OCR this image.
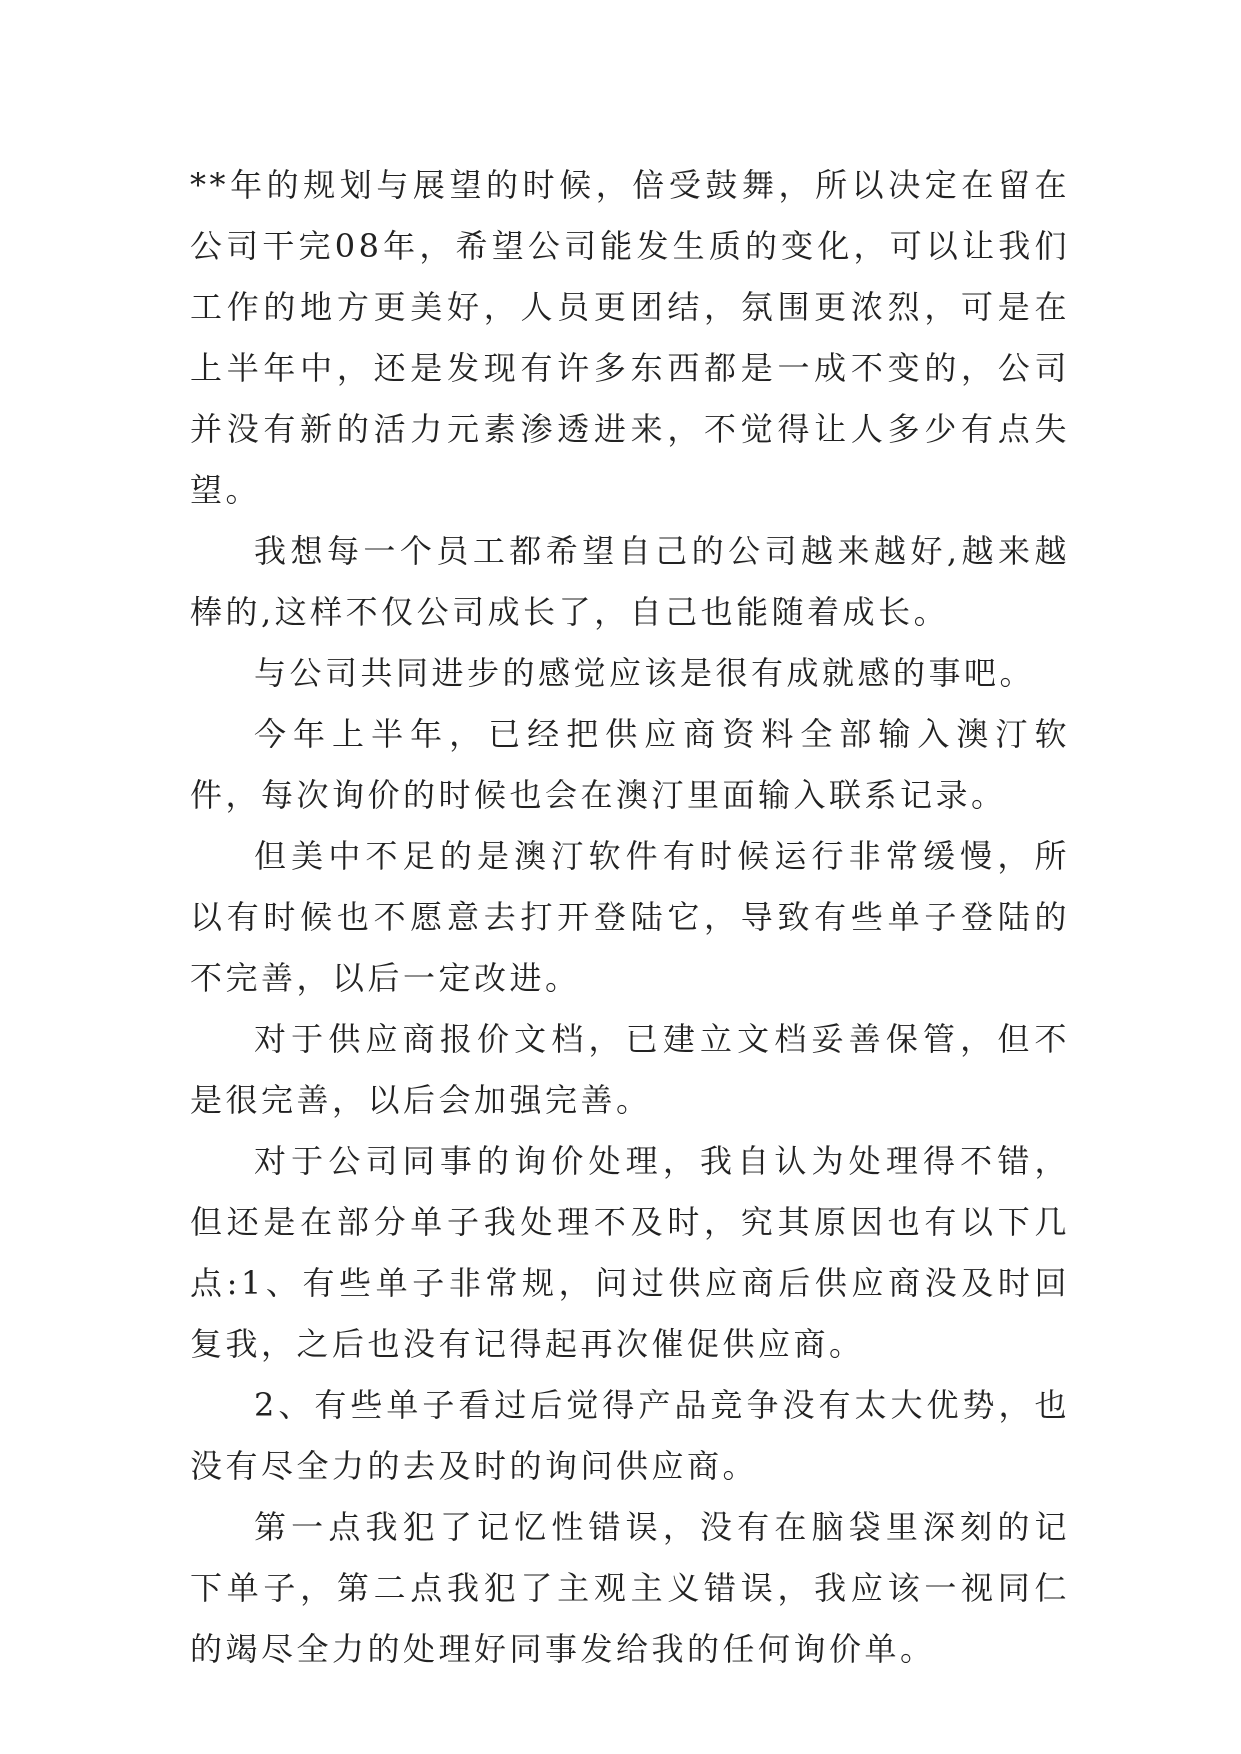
**年的规划与展望的时候，倍受鼓舞，所以决定在留在公司干完08年，希望公司能发生质的变化，可以让我们工作的地方更美好，人员更团结，氛围更浓烈，可是在上半年中，还是发现有许多东西都是一成不变的，公司并没有新的活力元素渗透进来，不觉得让人多少有点失望。

我想每一个员工都希望自己的公司越来越好,越来越棒的,这样不仅公司成长了，自己也能随着成长。

与公司共同进步的感觉应该是很有成就感的事吧。

今年上半年，已经把供应商资料全部输入澳汀软件，每次询价的时候也会在澳汀里面输入联系记录。

但美中不足的是澳汀软件有时候运行非常缓慢，所以有时候也不愿意去打开登陆它，导致有些单子登陆的不完善，以后一定改进。

对于供应商报价文档，已建立文档妥善保管，但不是很完善，以后会加强完善。

对于公司同事的询价处理，我自认为处理得不错，但还是在部分单子我处理不及时，究其原因也有以下几点:1、有些单子非常规，问过供应商后供应商没及时回复我，之后也没有记得起再次催促供应商。

2、有些单子看过后觉得产品竞争没有太大优势，也没有尽全力的去及时的询问供应商。

第一点我犯了记忆性错误，没有在脑袋里深刻的记下单子，第二点我犯了主观主义错误，我应该一视同仁的竭尽全力的处理好同事发给我的任何询价单。
